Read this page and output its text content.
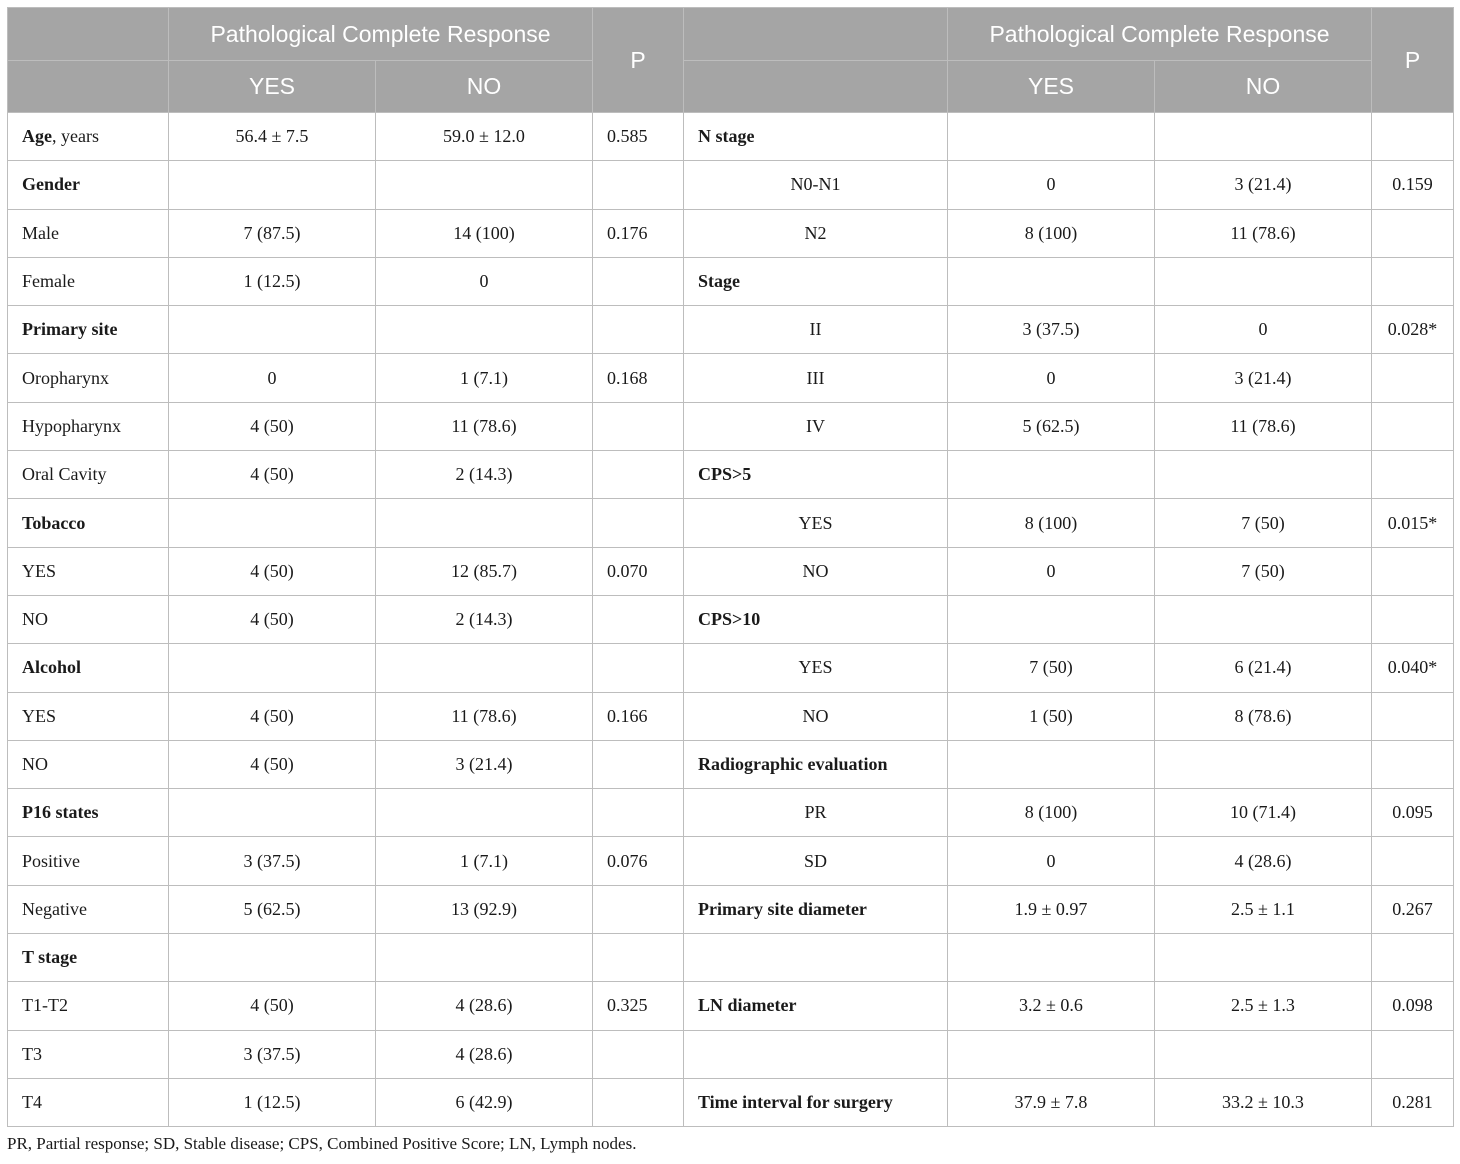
	Pathological Complete Response		P		Pathological Complete Response		P
	YES	NO			YES	NO	
Age, years	56.4 ± 7.5	59.0 ± 12.0	0.585	N stage			
Gender				N0-N1	0	3 (21.4)	0.159
Male	7 (87.5)	14 (100)	0.176	N2	8 (100)	11 (78.6)	
Female	1 (12.5)	0		Stage			
Primary site				II	3 (37.5)	0	0.028*
Oropharynx	0	1 (7.1)	0.168	III	0	3 (21.4)	
Hypopharynx	4 (50)	11 (78.6)		IV	5 (62.5)	11 (78.6)	
Oral Cavity	4 (50)	2 (14.3)		CPS>5			
Tobacco				YES	8 (100)	7 (50)	0.015*
YES	4 (50)	12 (85.7)	0.070	NO	0	7 (50)	
NO	4 (50)	2 (14.3)		CPS>10			
Alcohol				YES	7 (50)	6 (21.4)	0.040*
YES	4 (50)	11 (78.6)	0.166	NO	1 (50)	8 (78.6)	
NO	4 (50)	3 (21.4)		Radiographic evaluation			
P16 states				PR	8 (100)	10 (71.4)	0.095
Positive	3 (37.5)	1 (7.1)	0.076	SD	0	4 (28.6)	
Negative	5 (62.5)	13 (92.9)		Primary site diameter	1.9 ± 0.97	2.5 ± 1.1	0.267
T stage							
T1-T2	4 (50)	4 (28.6)	0.325	LN diameter	3.2 ± 0.6	2.5 ± 1.3	0.098
T3	3 (37.5)	4 (28.6)					
T4	1 (12.5)	6 (42.9)		Time interval for surgery	37.9 ± 7.8	33.2 ± 10.3	0.281
PR, Partial response; SD, Stable disease; CPS, Combined Positive Score; LN, Lymph nodes.
